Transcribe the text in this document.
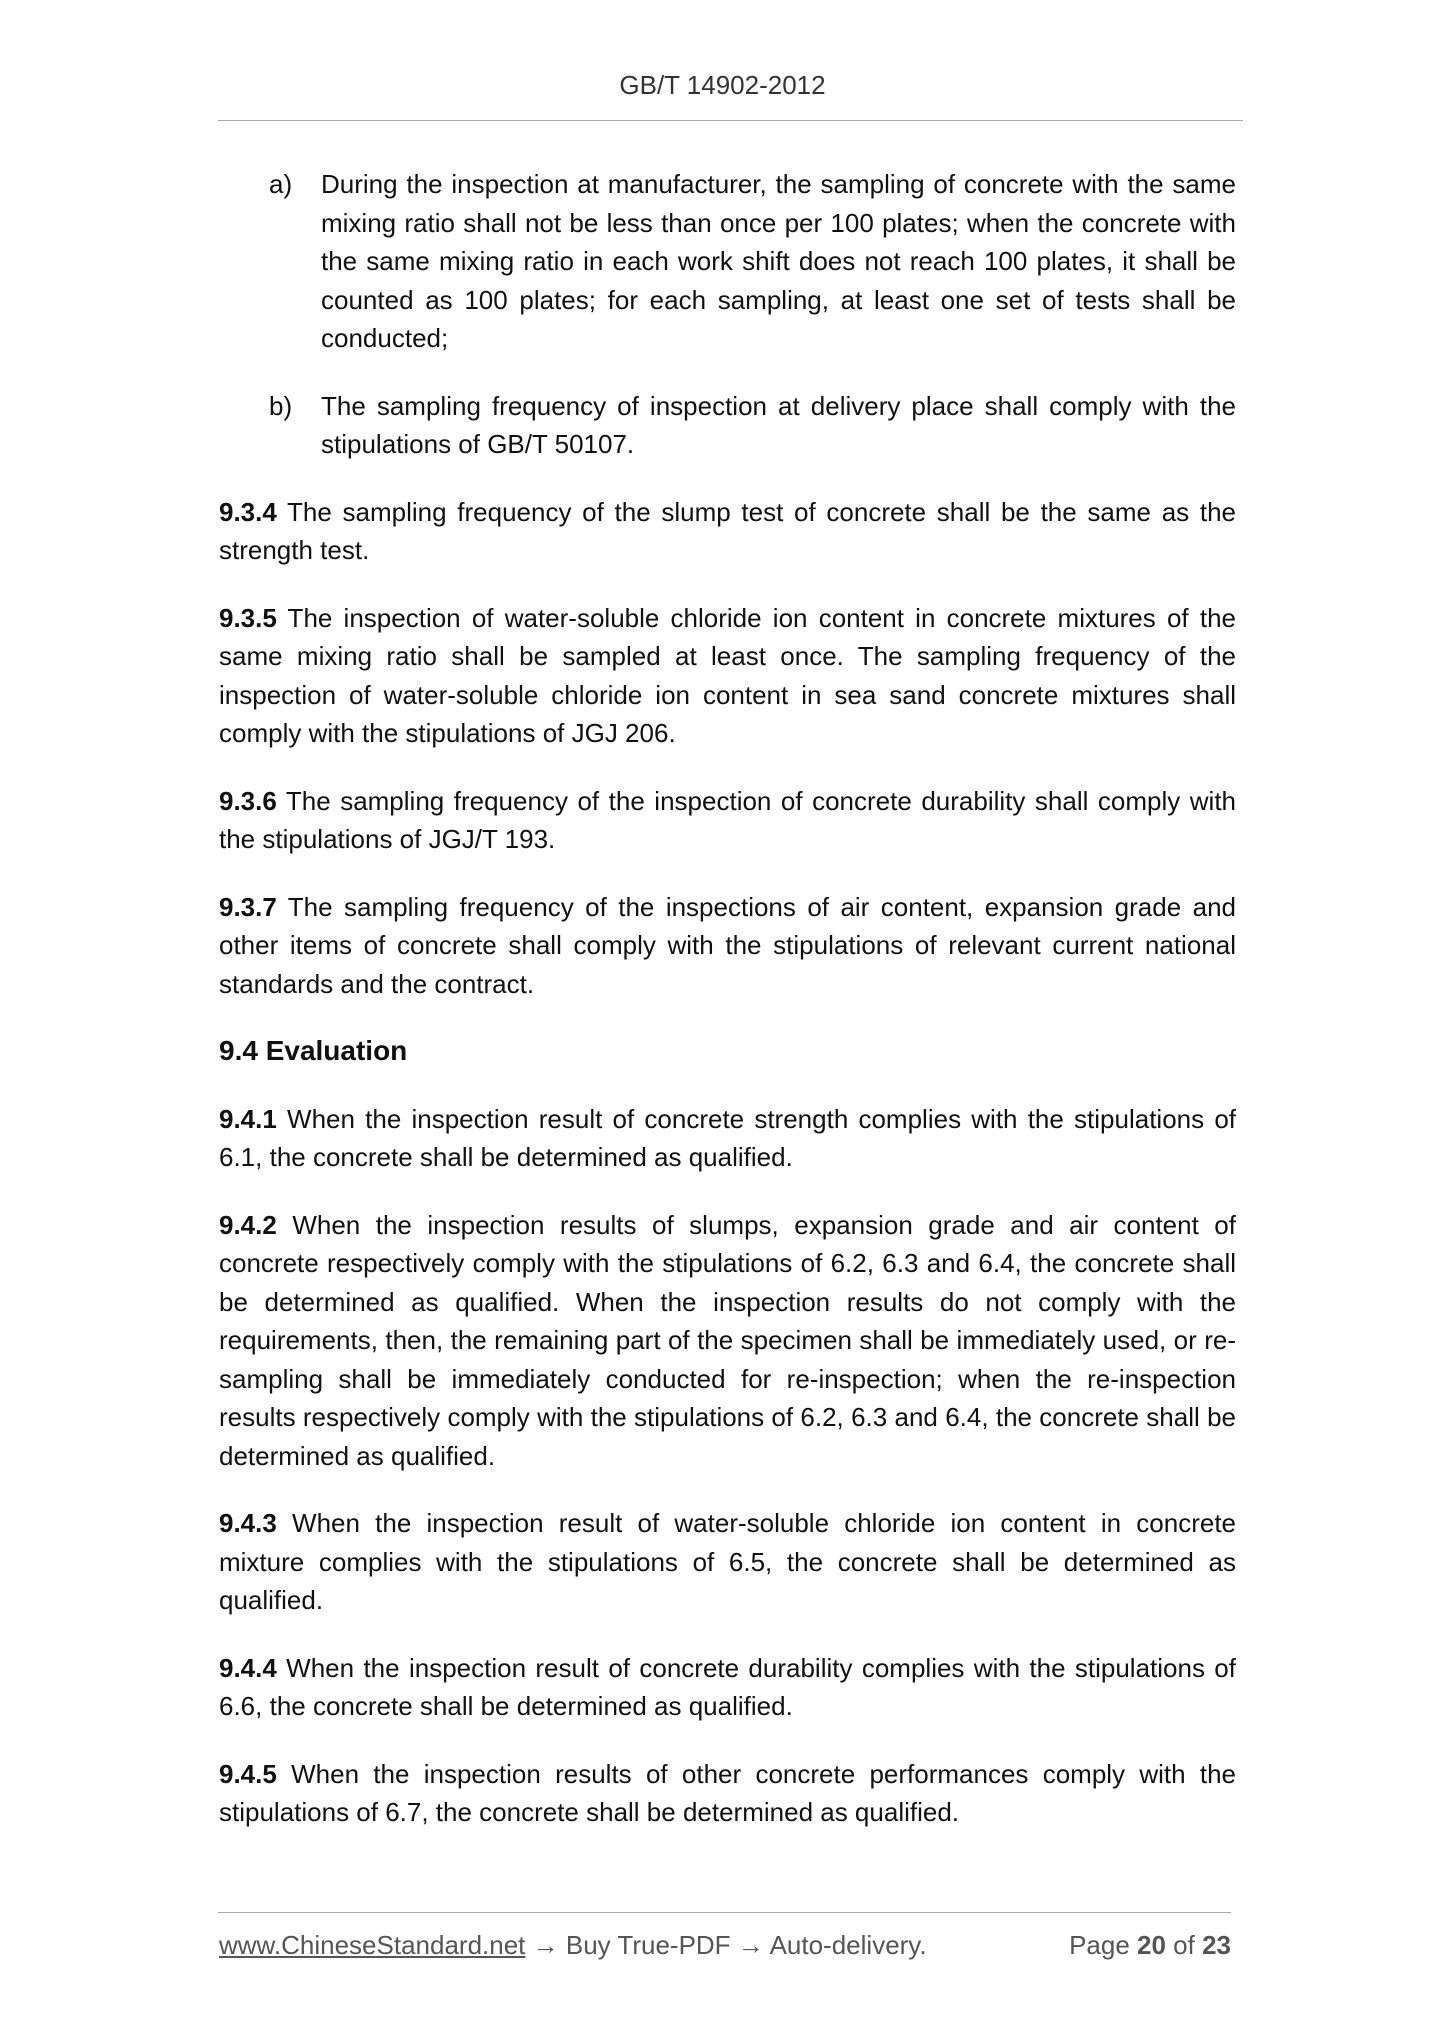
GB/T 14902-2012
a)	During the inspection at manufacturer, the sampling of concrete with the same mixing ratio shall not be less than once per 100 plates; when the concrete with the same mixing ratio in each work shift does not reach 100 plates, it shall be counted as 100 plates; for each sampling, at least one set of tests shall be conducted;
b)	The sampling frequency of inspection at delivery place shall comply with the stipulations of GB/T 50107.

9.3.4 The sampling frequency of the slump test of concrete shall be the same as the strength test.

9.3.5 The inspection of water-soluble chloride ion content in concrete mixtures of the same mixing ratio shall be sampled at least once. The sampling frequency of the inspection of water-soluble chloride ion content in sea sand concrete mixtures shall comply with the stipulations of JGJ 206.

9.3.6 The sampling frequency of the inspection of concrete durability shall comply with the stipulations of JGJ/T 193.

9.3.7 The sampling frequency of the inspections of air content, expansion grade and other items of concrete shall comply with the stipulations of relevant current national standards and the contract.

9.4 Evaluation

9.4.1 When the inspection result of concrete strength complies with the stipulations of 6.1, the concrete shall be determined as qualified.

9.4.2 When the inspection results of slumps, expansion grade and air content of concrete respectively comply with the stipulations of 6.2, 6.3 and 6.4, the concrete shall be determined as qualified. When the inspection results do not comply with the requirements, then, the remaining part of the specimen shall be immediately used, or re-sampling shall be immediately conducted for re-inspection; when the re-inspection results respectively comply with the stipulations of 6.2, 6.3 and 6.4, the concrete shall be determined as qualified.

9.4.3 When the inspection result of water-soluble chloride ion content in concrete mixture complies with the stipulations of 6.5, the concrete shall be determined as qualified.

9.4.4 When the inspection result of concrete durability complies with the stipulations of 6.6, the concrete shall be determined as qualified.

9.4.5 When the inspection results of other concrete performances comply with the stipulations of 6.7, the concrete shall be determined as qualified.

www.ChineseStandard.net → Buy True-PDF → Auto-delivery.	Page 20 of 23
